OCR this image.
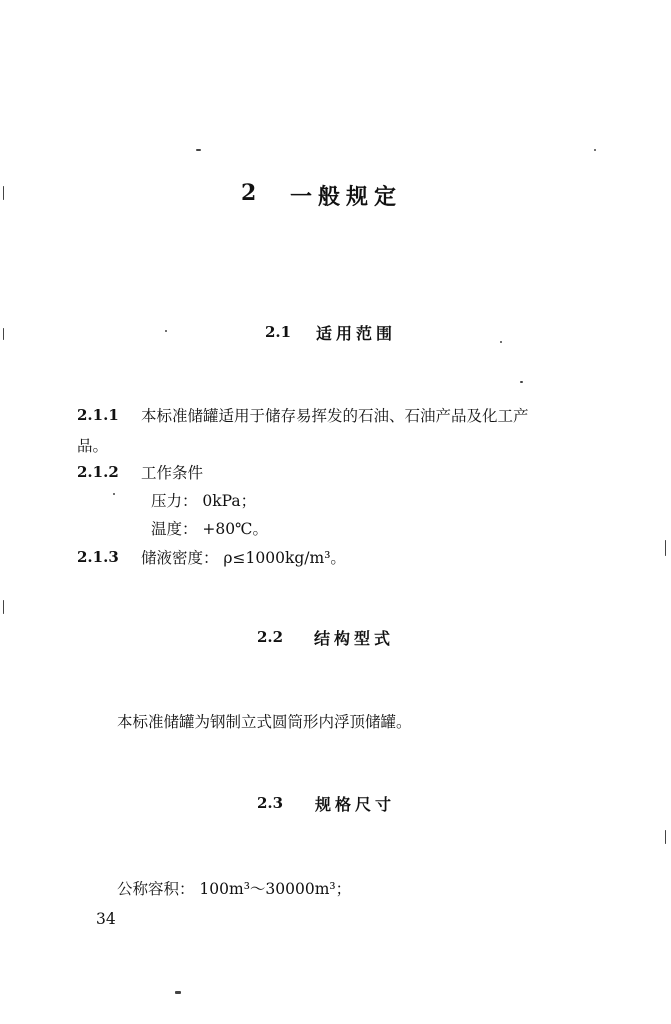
2 一般规定
2.1 适用范围
2.1.1 本标准储罐适用于储存易挥发的石油、石油产品及化工产
品。
2.1.2 工作条件
压力： 0kPa；
温度： +80℃。
2.1.3 储液密度： ρ≤1000kg/m³。
2.2 结构型式
本标准储罐为钢制立式圆筒形内浮顶储罐。
2.3 规格尺寸
公称容积： 100m³～30000m³；
34
